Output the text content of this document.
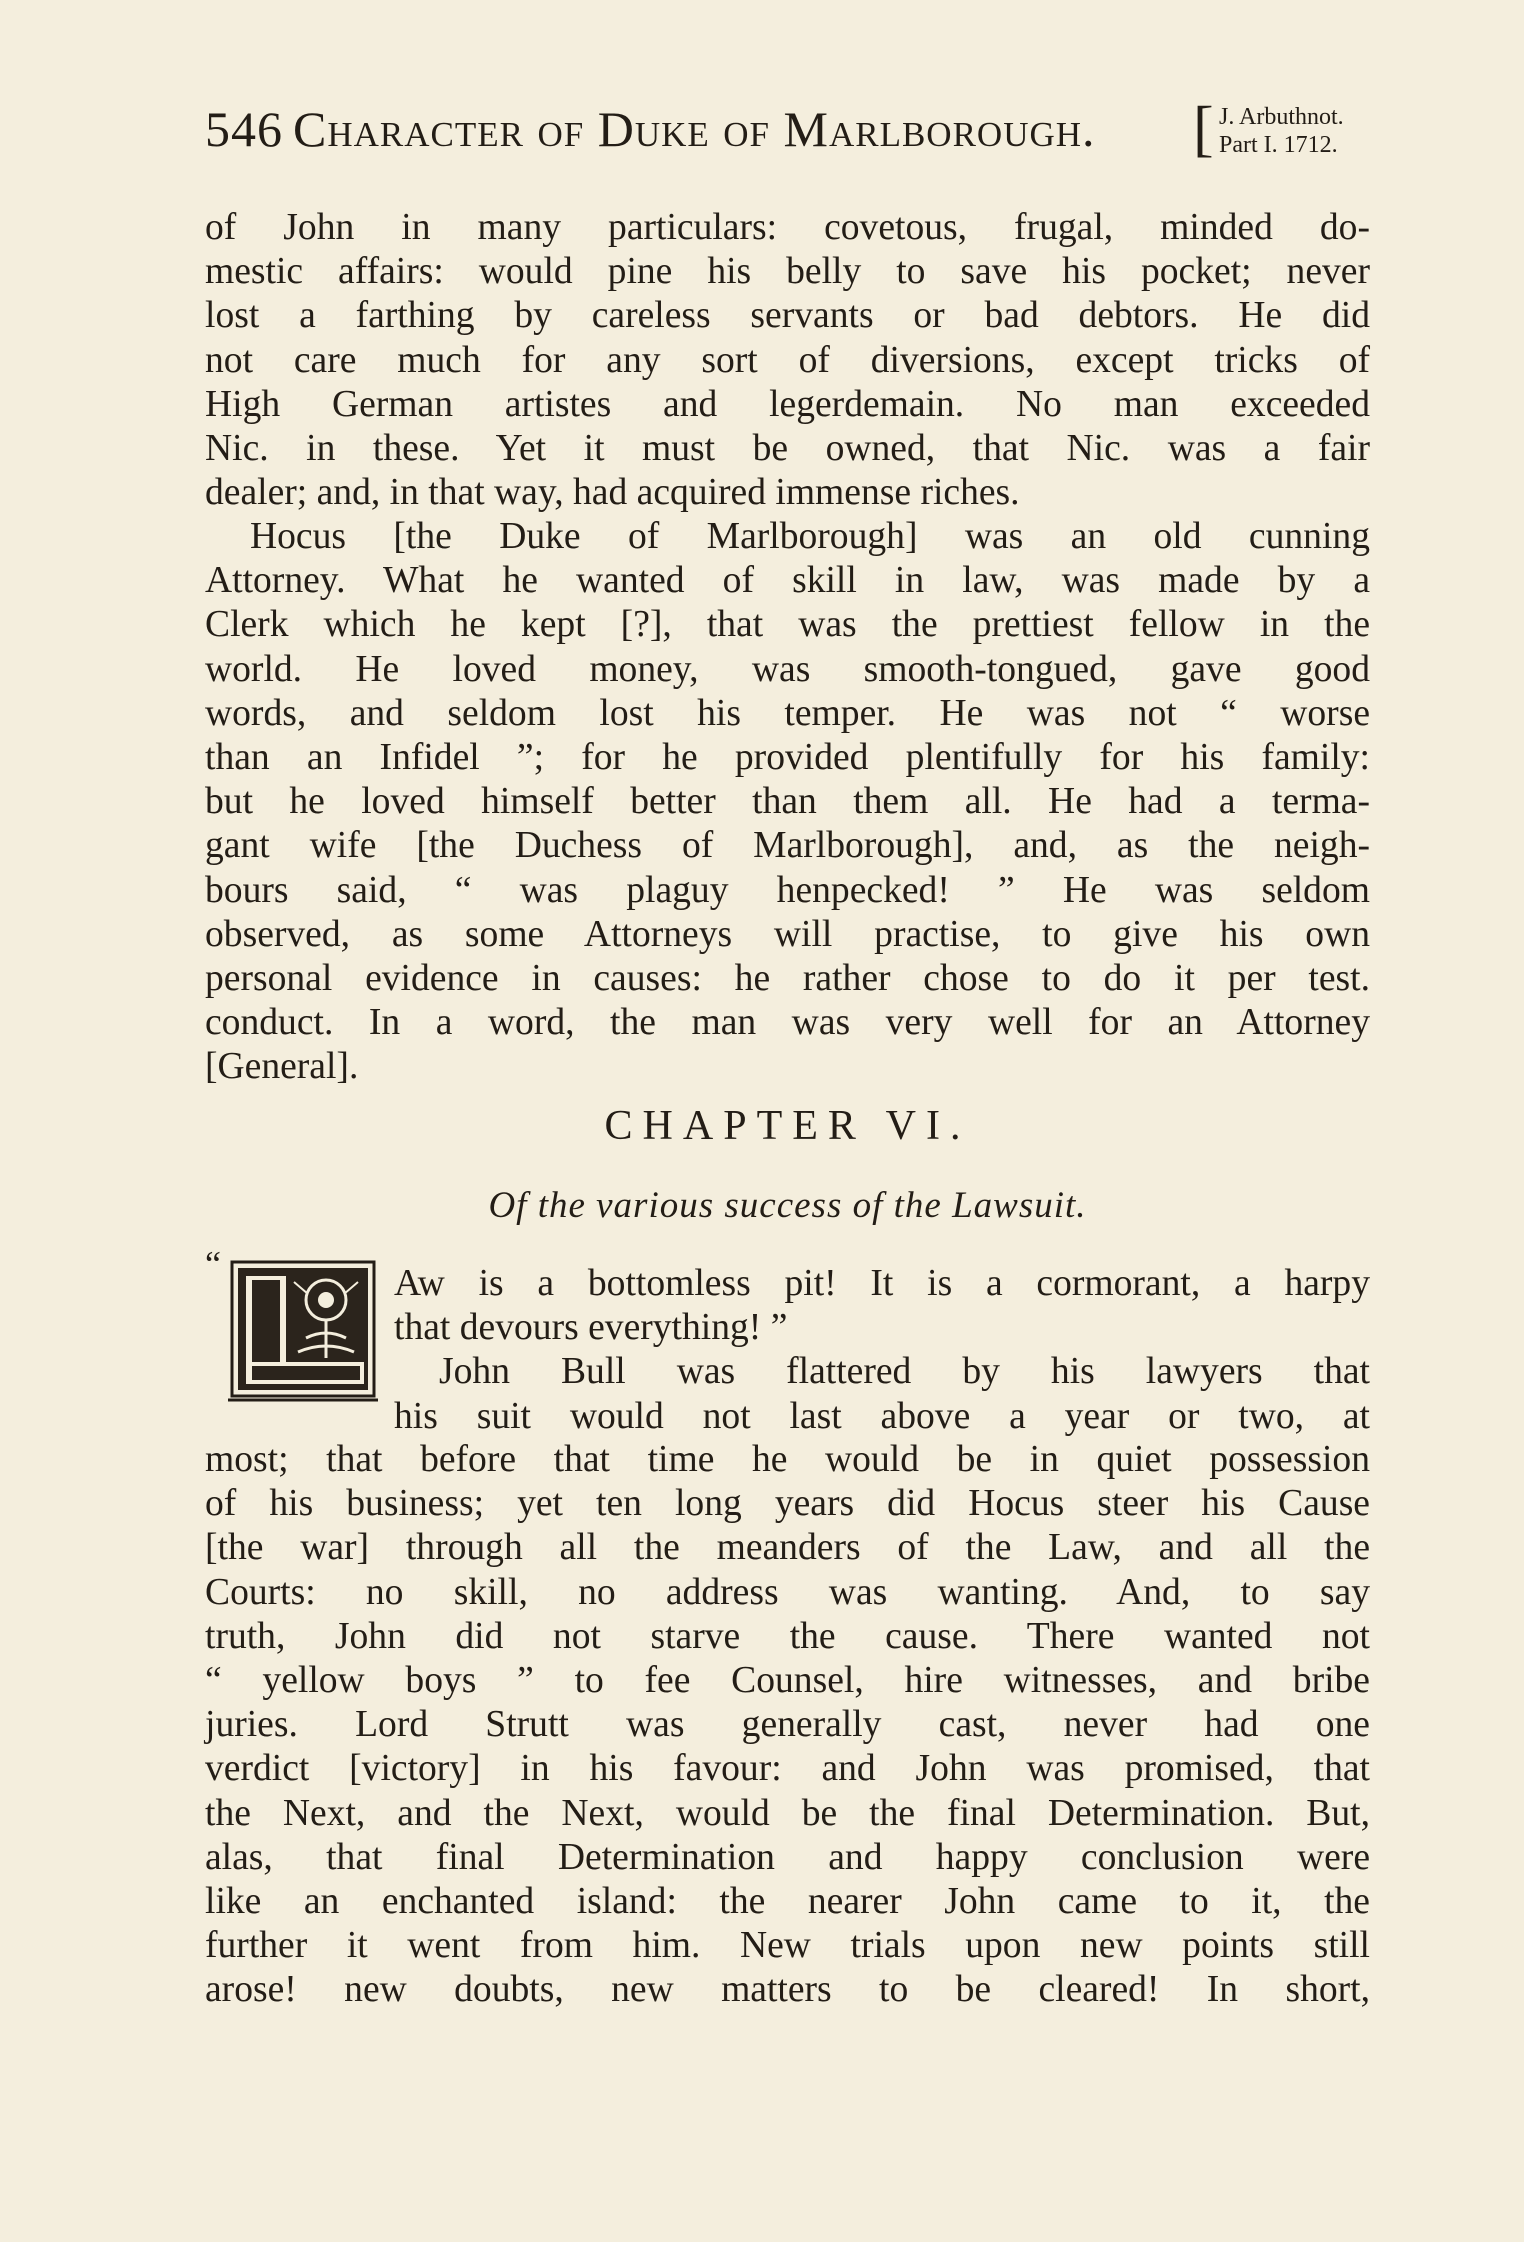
546 Character of Duke of Marlborough. [ J. Arbuthnot.
Part I. 1712.
of John in many particulars: covetous, frugal, minded do-
mestic affairs: would pine his belly to save his pocket; never
lost a farthing by careless servants or bad debtors. He did
not care much for any sort of diversions, except tricks of
High German artistes and legerdemain. No man exceeded
Nic. in these. Yet it must be owned, that Nic. was a fair
dealer; and, in that way, had acquired immense riches.
Hocus [the Duke of Marlborough] was an old cunning
Attorney. What he wanted of skill in law, was made by a
Clerk which he kept [?], that was the prettiest fellow in the
world. He loved money, was smooth-tongued, gave good
words, and seldom lost his temper. He was not “ worse
than an Infidel ”; for he provided plentifully for his family:
but he loved himself better than them all. He had a terma-
gant wife [the Duchess of Marlborough], and, as the neigh-
bours said, “ was plaguy henpecked! ” He was seldom
observed, as some Attorneys will practise, to give his own
personal evidence in causes: he rather chose to do it per test.
conduct. In a word, the man was very well for an Attorney
[General].
CHAPTER VI.
Of the various success of the Lawsuit.
“	Aw is a bottomless pit! It is a cormorant, a harpy
that devours everything! ”
John Bull was flattered by his lawyers that
his suit would not last above a year or two, at
most; that before that time he would be in quiet possession
of his business; yet ten long years did Hocus steer his Cause
[the war] through all the meanders of the Law, and all the
Courts: no skill, no address was wanting. And, to say
truth, John did not starve the cause. There wanted not
“ yellow boys ” to fee Counsel, hire witnesses, and bribe
juries. Lord Strutt was generally cast, never had one
verdict [victory] in his favour: and John was promised, that
the Next, and the Next, would be the final Determination. But,
alas, that final Determination and happy conclusion were
like an enchanted island: the nearer John came to it, the
further it went from him. New trials upon new points still
arose! new doubts, new matters to be cleared! In short,
